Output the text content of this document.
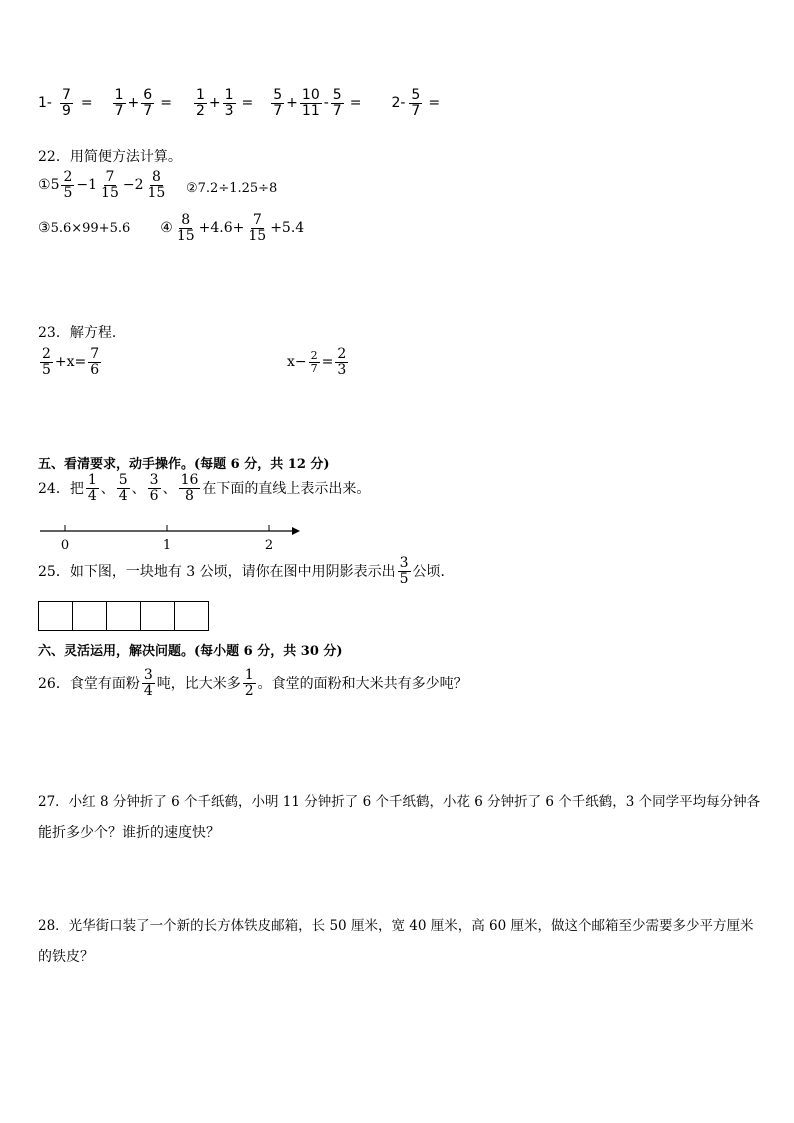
$1- \frac{7}{9} = \frac{1}{7} + \frac{6}{7} = \frac{1}{2} + \frac{1}{3} = \frac{5}{7} + \frac{10}{11} - \frac{5}{7} = 2- \frac{5}{7}$ =
22．用简便方法计算。
① $5 \frac{2}{5} -1 \frac{7}{15} -2 \frac{8}{15}$ ② 7.2÷1.25÷8
③ 5.6×99+5.6 ④ $\frac{8}{15} +4.6+ \frac{7}{15} +5.4$
23．解方程．
$\frac{2}{5} +x= \frac{7}{6}$	$x- \frac{2}{7} = \frac{2}{3}$
五、看清要求，动手操作。(每题 6 分，共 12 分)
24．把 $\frac{1}{4}$ 、 $\frac{5}{4}$ 、 $\frac{3}{6}$ 、 $\frac{16}{8}$ 在下面的直线上表示出来。
0	1	2
25．如下图，一块地有 3 公顷，请你在图中用阴影表示出 $\frac{3}{5}$ 公顷．
六、灵活运用，解决问题。(每小题 6 分，共 30 分)
26．食堂有面粉 $\frac{3}{4}$ 吨，比大米多 $\frac{1}{2}$ 。食堂的面粉和大米共有多少吨？
27．小红 8 分钟折了 6 个千纸鹤，小明 11 分钟折了 6 个千纸鹤，小花 6 分钟折了 6 个千纸鹤，3 个同学平均每分钟各
能折多少个？谁折的速度快？
28．光华街口装了一个新的长方体铁皮邮箱，长 50 厘米，宽 40 厘米，高 60 厘米，做这个邮箱至少需要多少平方厘米
的铁皮？
